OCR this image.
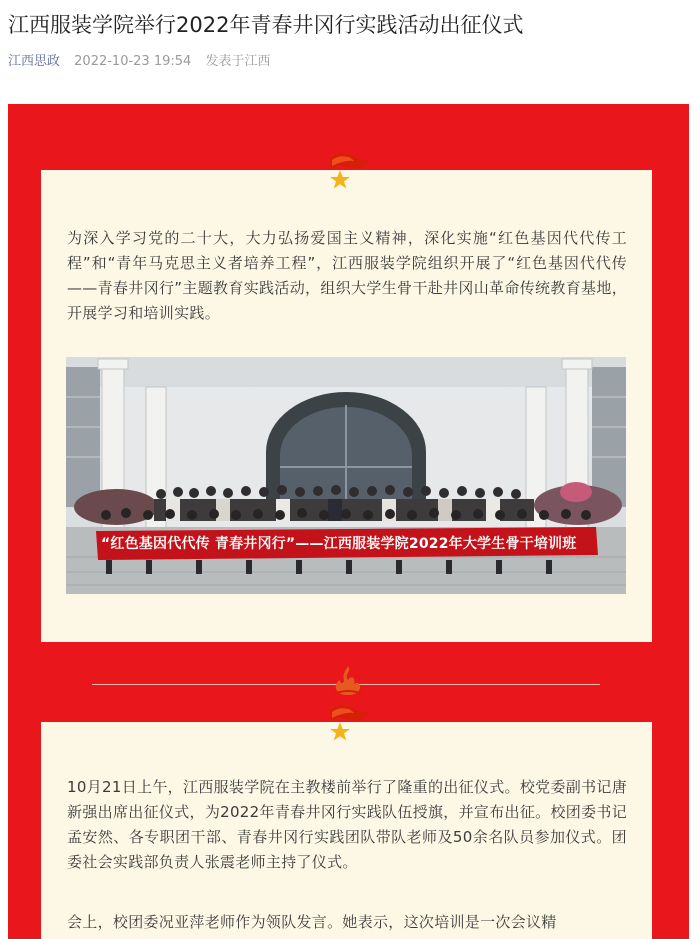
江西服装学院举行2022年青春井冈行实践活动出征仪式
江西思政 2022-10-23 19:54 发表于江西
为深入学习党的二十大，大力弘扬爱国主义精神，深化实施“红色基因代代传工程”和“青年马克思主义者培养工程”，江西服装学院组织开展了“红色基因代代传——青春井冈行”主题教育实践活动，组织大学生骨干赴井冈山革命传统教育基地，开展学习和培训实践。
“红色基因代代传 青春井冈行”——江西服装学院2022年大学生骨干培训班
10月21日上午，江西服装学院在主教楼前举行了隆重的出征仪式。校党委副书记唐新强出席出征仪式，为2022年青春井冈行实践队伍授旗，并宣布出征。校团委书记孟安然、各专职团干部、青春井冈行实践团队带队老师及50余名队员参加仪式。团委社会实践部负责人张震老师主持了仪式。
会上，校团委况亚萍老师作为领队发言。她表示，这次培训是一次会议精
